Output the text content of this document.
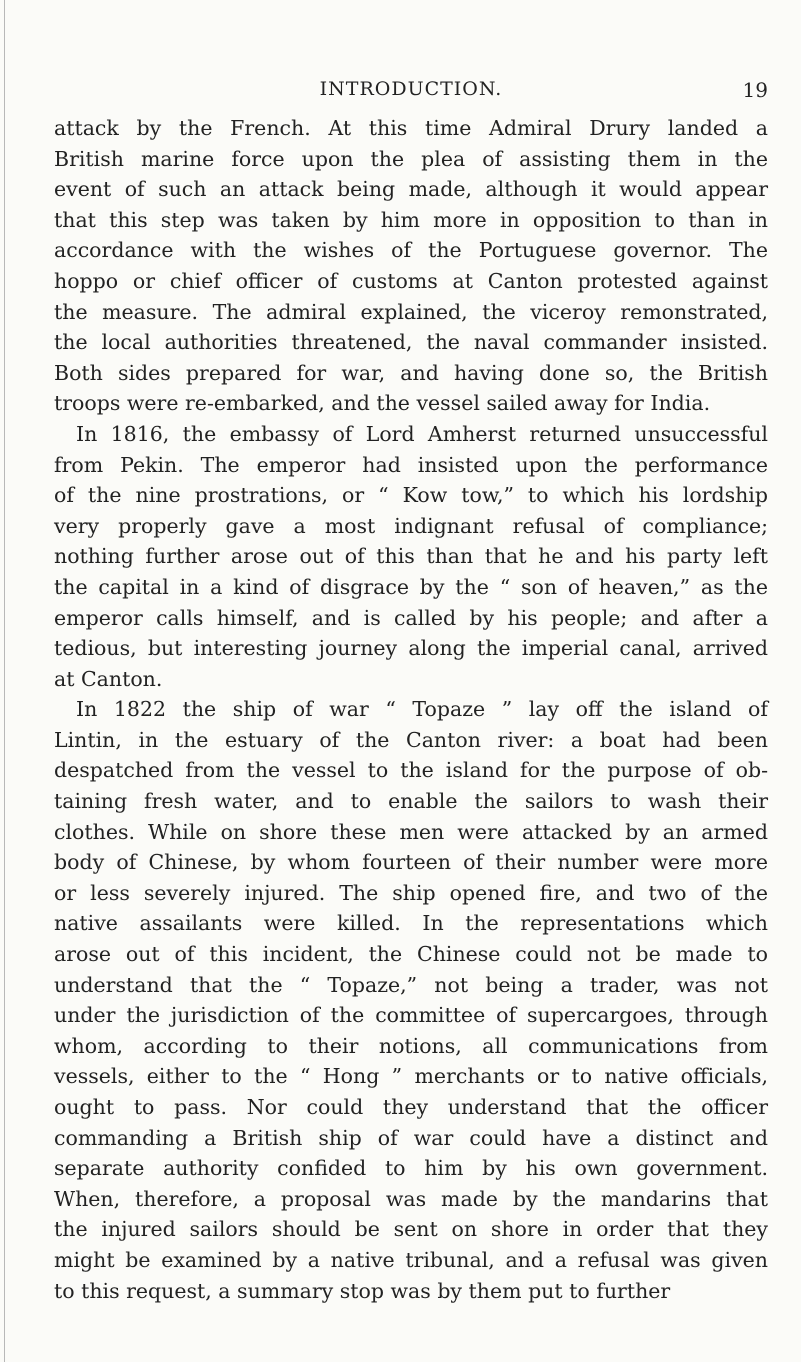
INTRODUCTION.	19
attack by the French. At this time Admiral Drury landed a
British marine force upon the plea of assisting them in the
event of such an attack being made, although it would appear
that this step was taken by him more in opposition to than in
accordance with the wishes of the Portuguese governor. The
hoppo or chief officer of customs at Canton protested against
the measure. The admiral explained, the viceroy remonstrated,
the local authorities threatened, the naval commander insisted.
Both sides prepared for war, and having done so, the British
troops were re-embarked, and the vessel sailed away for India.
In 1816, the embassy of Lord Amherst returned unsuccessful
from Pekin. The emperor had insisted upon the performance
of the nine prostrations, or “ Kow tow,” to which his lordship
very properly gave a most indignant refusal of compliance;
nothing further arose out of this than that he and his party left
the capital in a kind of disgrace by the “ son of heaven,” as the
emperor calls himself, and is called by his people; and after a
tedious, but interesting journey along the imperial canal, arrived
at Canton.
In 1822 the ship of war “ Topaze ” lay off the island of
Lintin, in the estuary of the Canton river: a boat had been
despatched from the vessel to the island for the purpose of ob-
taining fresh water, and to enable the sailors to wash their
clothes. While on shore these men were attacked by an armed
body of Chinese, by whom fourteen of their number were more
or less severely injured. The ship opened fire, and two of the
native assailants were killed. In the representations which
arose out of this incident, the Chinese could not be made to
understand that the “ Topaze,” not being a trader, was not
under the jurisdiction of the committee of supercargoes, through
whom, according to their notions, all communications from
vessels, either to the “ Hong ” merchants or to native officials,
ought to pass. Nor could they understand that the officer
commanding a British ship of war could have a distinct and
separate authority confided to him by his own government.
When, therefore, a proposal was made by the mandarins that
the injured sailors should be sent on shore in order that they
might be examined by a native tribunal, and a refusal was given
to this request, a summary stop was by them put to further
